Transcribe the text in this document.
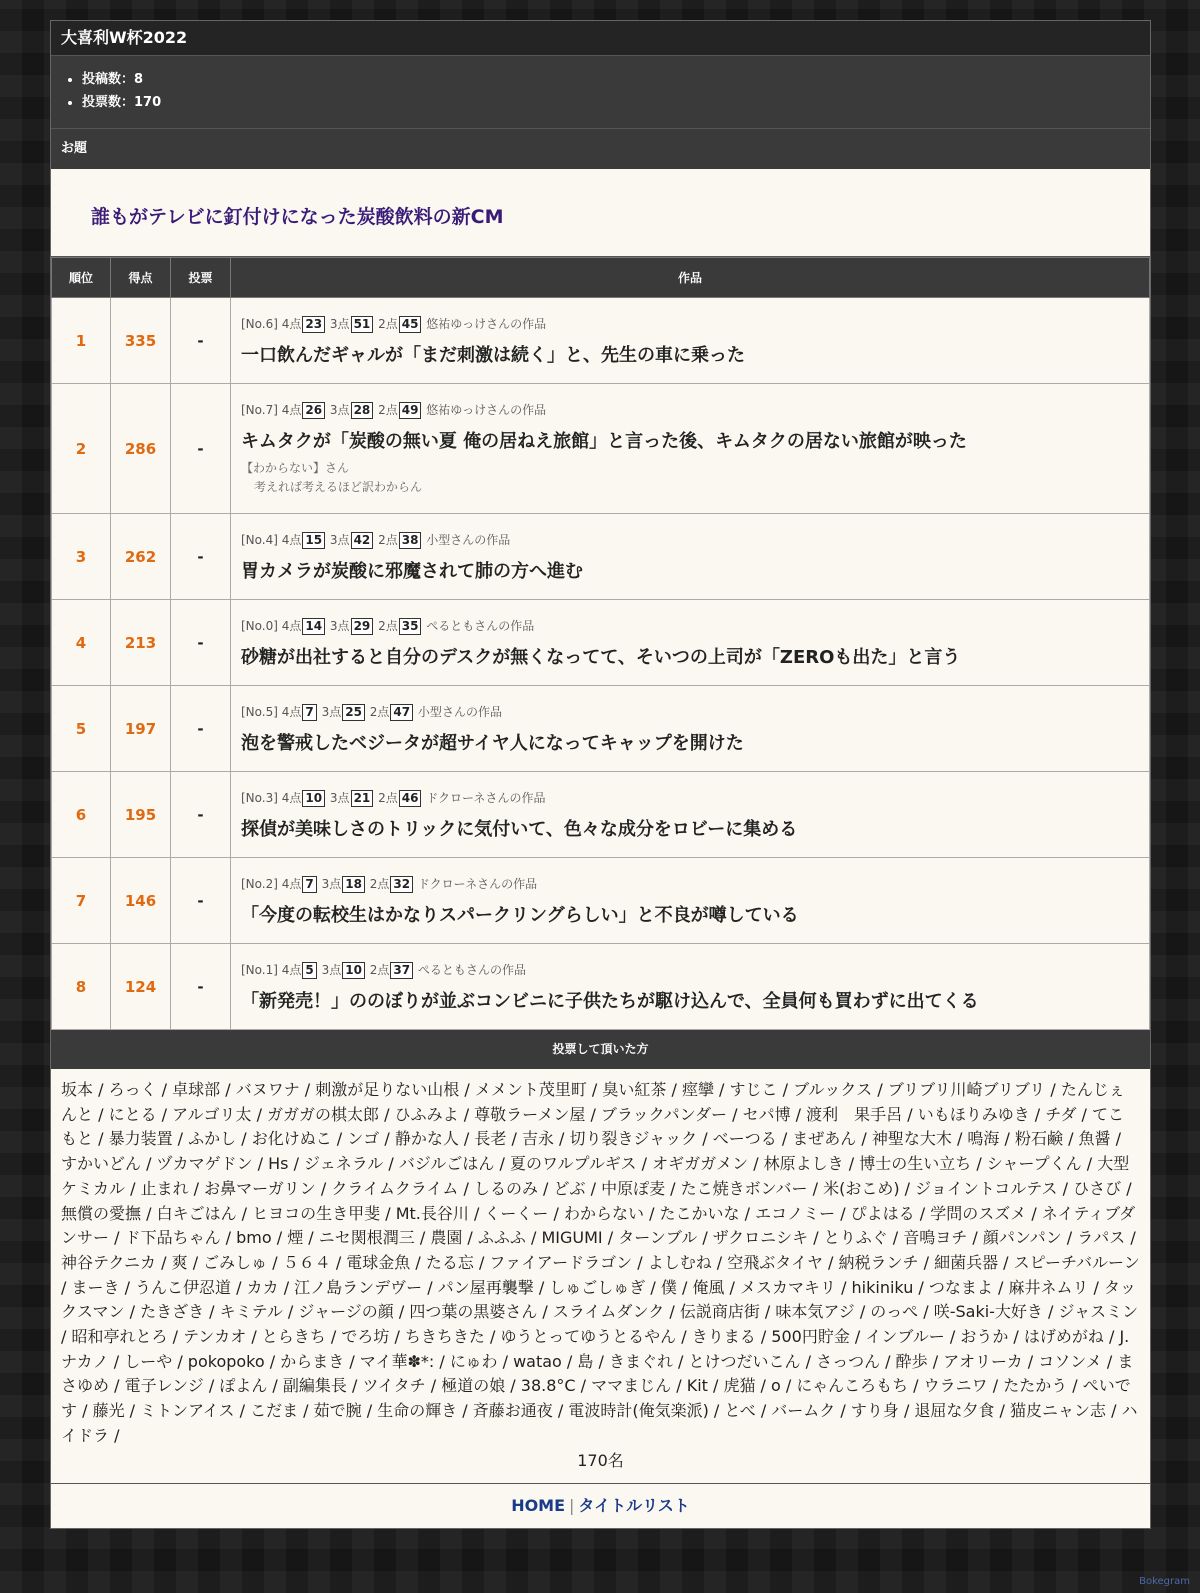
大喜利W杯2022
• 投稿数：8
• 投票数：170
お題
誰もがテレビに釘付けになった炭酸飲料の新CM
順位	得点	投票	作品
1	335	-	[No.6] 4点 23 3点 51 2点 45 悠祐ゆっけさんの作品
一口飲んだギャルが「まだ刺激は続く」と、先生の車に乗った

2	286	-	[No.7] 4点 26 3点 28 2点 49 悠祐ゆっけさんの作品
キムタクが「炭酸の無い夏 俺の居ねえ旅館」と言った後、キムタクの居ない旅館が映った
【わからない】さん
考えれば考えるほど訳わからん

3	262	-	[No.4] 4点 15 3点 42 2点 38 小型さんの作品
胃カメラが炭酸に邪魔されて肺の方へ進む

4	213	-	[No.0] 4点 14 3点 29 2点 35 ぺるともさんの作品
砂糖が出社すると自分のデスクが無くなってて、そいつの上司が「ZEROも出た」と言う

5	197	-	[No.5] 4点 7 3点 25 2点 47 小型さんの作品
泡を警戒したベジータが超サイヤ人になってキャップを開けた

6	195	-	[No.3] 4点 10 3点 21 2点 46 ドクローネさんの作品
探偵が美味しさのトリックに気付いて、色々な成分をロビーに集める

7	146	-	[No.2] 4点 7 3点 18 2点 32 ドクローネさんの作品
「今度の転校生はかなりスパークリングらしい」と不良が噂している

8	124	-	[No.1] 4点 5 3点 10 2点 37 ぺるともさんの作品
「新発売！」ののぼりが並ぶコンビニに子供たちが駆け込んで、全員何も買わずに出てくる
投票して頂いた方
坂本 / ろっく / 卓球部 / バヌワナ / 刺激が足りない山根 / メメント茂里町 / 臭い紅茶 / 痙攣 / すじこ / ブルックス / ブリブリ川崎ブリブリ / たんじぇんと / にとる / アルゴリ太 / ガガガの棋太郎 / ひふみよ / 尊敬ラーメン屋 / ブラックパンダー / セパ博 / 渡利　果手呂 / いもほりみゆき / チダ / てこもと / 暴力装置 / ふかし / お化けぬこ / ンゴ / 静かな人 / 長老 / 吉永 / 切り裂きジャック / べーつる / まぜあん / 神聖な大木 / 鳴海 / 粉石鹸 / 魚醤 / すかいどん / ヅカマゲドン / Hs / ジェネラル / バジルごはん / 夏のワルプルギス / オギガガメン / 林原よしき / 博士の生い立ち / シャープくん / 大型ケミカル / 止まれ / お鼻マーガリン / クライムクライム / しるのみ / どぶ / 中原ぽ麦 / たこ焼きボンバー / 米(おこめ) / ジョイントコルテス / ひさび / 無償の愛撫 / 白キごはん / ヒヨコの生き甲斐 / Mt.長谷川 / くーくー / わからない / たこかいな / エコノミー / ぴよはる / 学問のスズメ / ネイティブダンサー / ド下品ちゃん / bmo / 煙 / ニセ関根潤三 / 農園 / ふふふ / MIGUMI / ターンブル / ザクロニシキ / とりふぐ / 音鳴ヨチ / 顔パンパン / ラパス / 神谷テクニカ / 爽 / ごみしゅ / ５６４ / 電球金魚 / たる忘 / ファイアードラゴン / よしむね / 空飛ぶタイヤ / 納税ランチ / 細菌兵器 / スピーチバルーン / まーき / うんこ伊忍道 / カカ / 江ノ島ランデヴー / パン屋再襲撃 / しゅごしゅぎ / 僕 / 俺風 / メスカマキリ / hikiniku / つなまよ / 麻井ネムリ / タックスマン / たきざき / キミテル / ジャージの顔 / 四つ葉の黒婆さん / スライムダンク / 伝説商店街 / 味本気アジ / のっぺ / 咲-Saki-大好き / ジャスミン / 昭和亭れとろ / テンカオ / とらきち / でろ坊 / ちきちきた / ゆうとってゆうとるやん / きりまる / 500円貯金 / インブルー / おうか / はげめがね / J.ナカノ / しーや / pokopoko / からまき / マイ華✽*: / にゅわ / watao / 島 / きまぐれ / とけつだいこん / さっつん / 酔歩 / アオリーカ / コソンメ / まさゆめ / 電子レンジ / ぽよん / 副編集長 / ツイタチ / 極道の娘 / 38.8°C / ママまじん / Kit / 虎猫 / o / にゃんころもち / ウラニワ / たたかう / ぺいです / 藤光 / ミトンアイス / こだま / 茹で腕 / 生命の輝き / 斉藤お通夜 / 電波時計(俺気楽派) / とべ / バームク / すり身 / 退屈な夕食 / 猫皮ニャン志 / ハイドラ /
170名
HOME | タイトルリスト
Bokegram
